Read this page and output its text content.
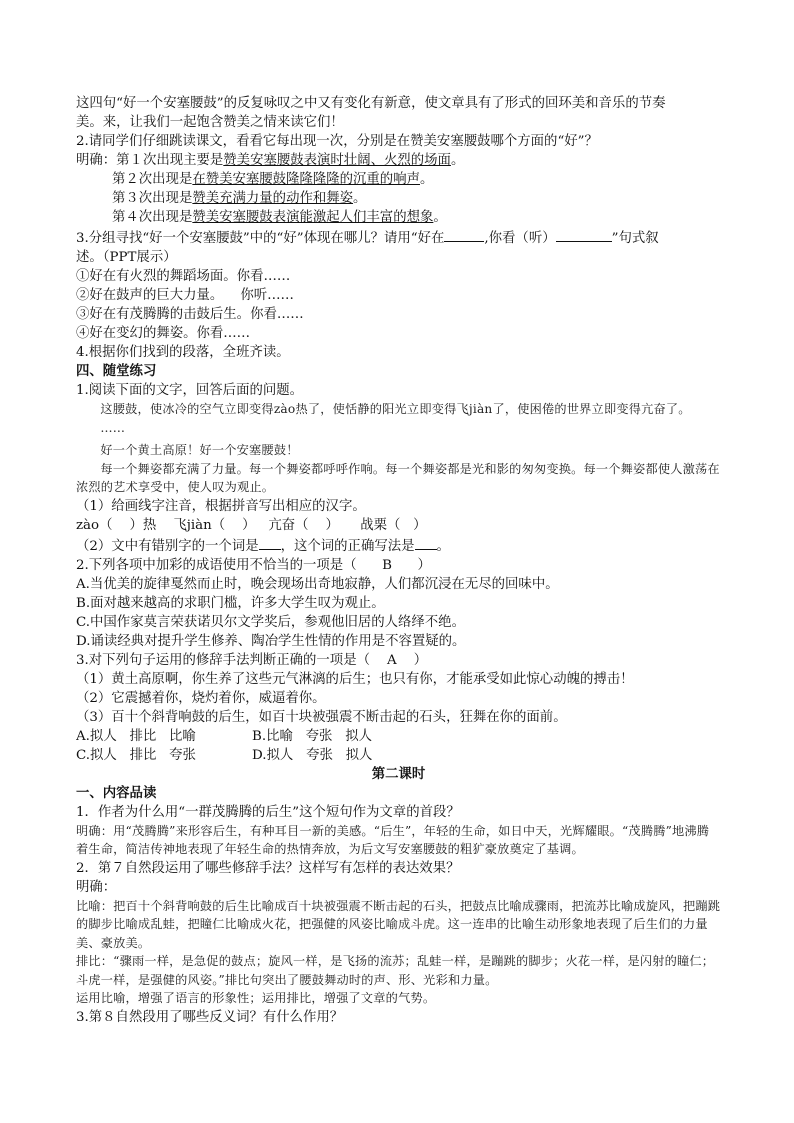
这四句“好一个安塞腰鼓”的反复咏叹之中又有变化有新意，使文章具有了形式的回环美和音乐的节奏
美。来，让我们一起饱含赞美之情来读它们！
2.请同学们仔细跳读课文，看看它每出现一次，分别是在赞美安塞腰鼓哪个方面的“好”？
明确：第１次出现主要是赞美安塞腰鼓表演时壮阔、火烈的场面。
第２次出现是在赞美安塞腰鼓隆隆隆隆的沉重的响声。
第３次出现是赞美充满力量的动作和舞姿。
第４次出现是赞美安塞腰鼓表演能激起人们丰富的想象。
3.分组寻找“好一个安塞腰鼓”中的“好”体现在哪儿？请用“好在	,你看（听）	”句式叙
述。（PPT展示）
①好在有火烈的舞蹈场面。你看……
②好在鼓声的巨大力量。    你听……
③好在有茂腾腾的击鼓后生。你看……
④好在变幻的舞姿。你看……
4.根据你们找到的段落，全班齐读。
四、随堂练习
1.阅读下面的文字，回答后面的问题。
这腰鼓，使冰冷的空气立即变得zào热了，使恬静的阳光立即变得飞jiàn了，使困倦的世界立即变得亢奋了。
……
好一个黄土高原！好一个安塞腰鼓！
每一个舞姿都充满了力量。每一个舞姿都呼呼作响。每一个舞姿都是光和影的匆匆变换。每一个舞姿都使人激荡在浓烈的艺术享受中，使人叹为观止。
（1）给画线字注音，根据拼音写出相应的汉字。
zào（    ）热    飞jiàn（    ）   亢奋（    ）     战栗（   ）
（2）文中有错别字的一个词是 ，这个词的正确写法是 。
2.下列各项中加彩的成语使用不恰当的一项是（      B      ）
A.当优美的旋律戛然而止时，晚会现场出奇地寂静，人们都沉浸在无尽的回味中。
B.面对越来越高的求职门槛，许多大学生叹为观止。
C.中国作家莫言荣获诺贝尔文学奖后，参观他旧居的人络绎不绝。
D.诵读经典对提升学生修养、陶冶学生性情的作用是不容置疑的。
3.对下列句子运用的修辞手法判断正确的一项是（    A    ）
（1）黄土高原啊，你生养了这些元气淋漓的后生；也只有你，才能承受如此惊心动魄的搏击！
（2）它震撼着你，烧灼着你，威逼着你。
（3）百十个斜背响鼓的后生，如百十块被强震不断击起的石头，狂舞在你的面前。
A.拟人   排比   比喻	B.比喻   夸张   拟人
C.拟人   排比   夸张	D.拟人   夸张   拟人
第二课时
一、内容品读
1．作者为什么用“一群茂腾腾的后生”这个短句作为文章的首段？
明确：用“茂腾腾”来形容后生，有种耳目一新的美感。“后生”，年轻的生命，如日中天，光辉耀眼。“茂腾腾”地沸腾着生命，简洁传神地表现了年轻生命的热情奔放，为后文写安塞腰鼓的粗犷豪放奠定了基调。
2．第７自然段运用了哪些修辞手法？这样写有怎样的表达效果？
明确：
比喻：把百十个斜背响鼓的后生比喻成百十块被强震不断击起的石头，把鼓点比喻成骤雨，把流苏比喻成旋风，把蹦跳的脚步比喻成乱蛙，把瞳仁比喻成火花，把强健的风姿比喻成斗虎。这一连串的比喻生动形象地表现了后生们的力量美、豪放美。
排比：“骤雨一样，是急促的鼓点；旋风一样，是飞扬的流苏；乱蛙一样，是蹦跳的脚步；火花一样，是闪射的瞳仁；斗虎一样，是强健的风姿。”排比句突出了腰鼓舞动时的声、形、光彩和力量。
运用比喻，增强了语言的形象性；运用排比，增强了文章的气势。
3.第８自然段用了哪些反义词？有什么作用？
